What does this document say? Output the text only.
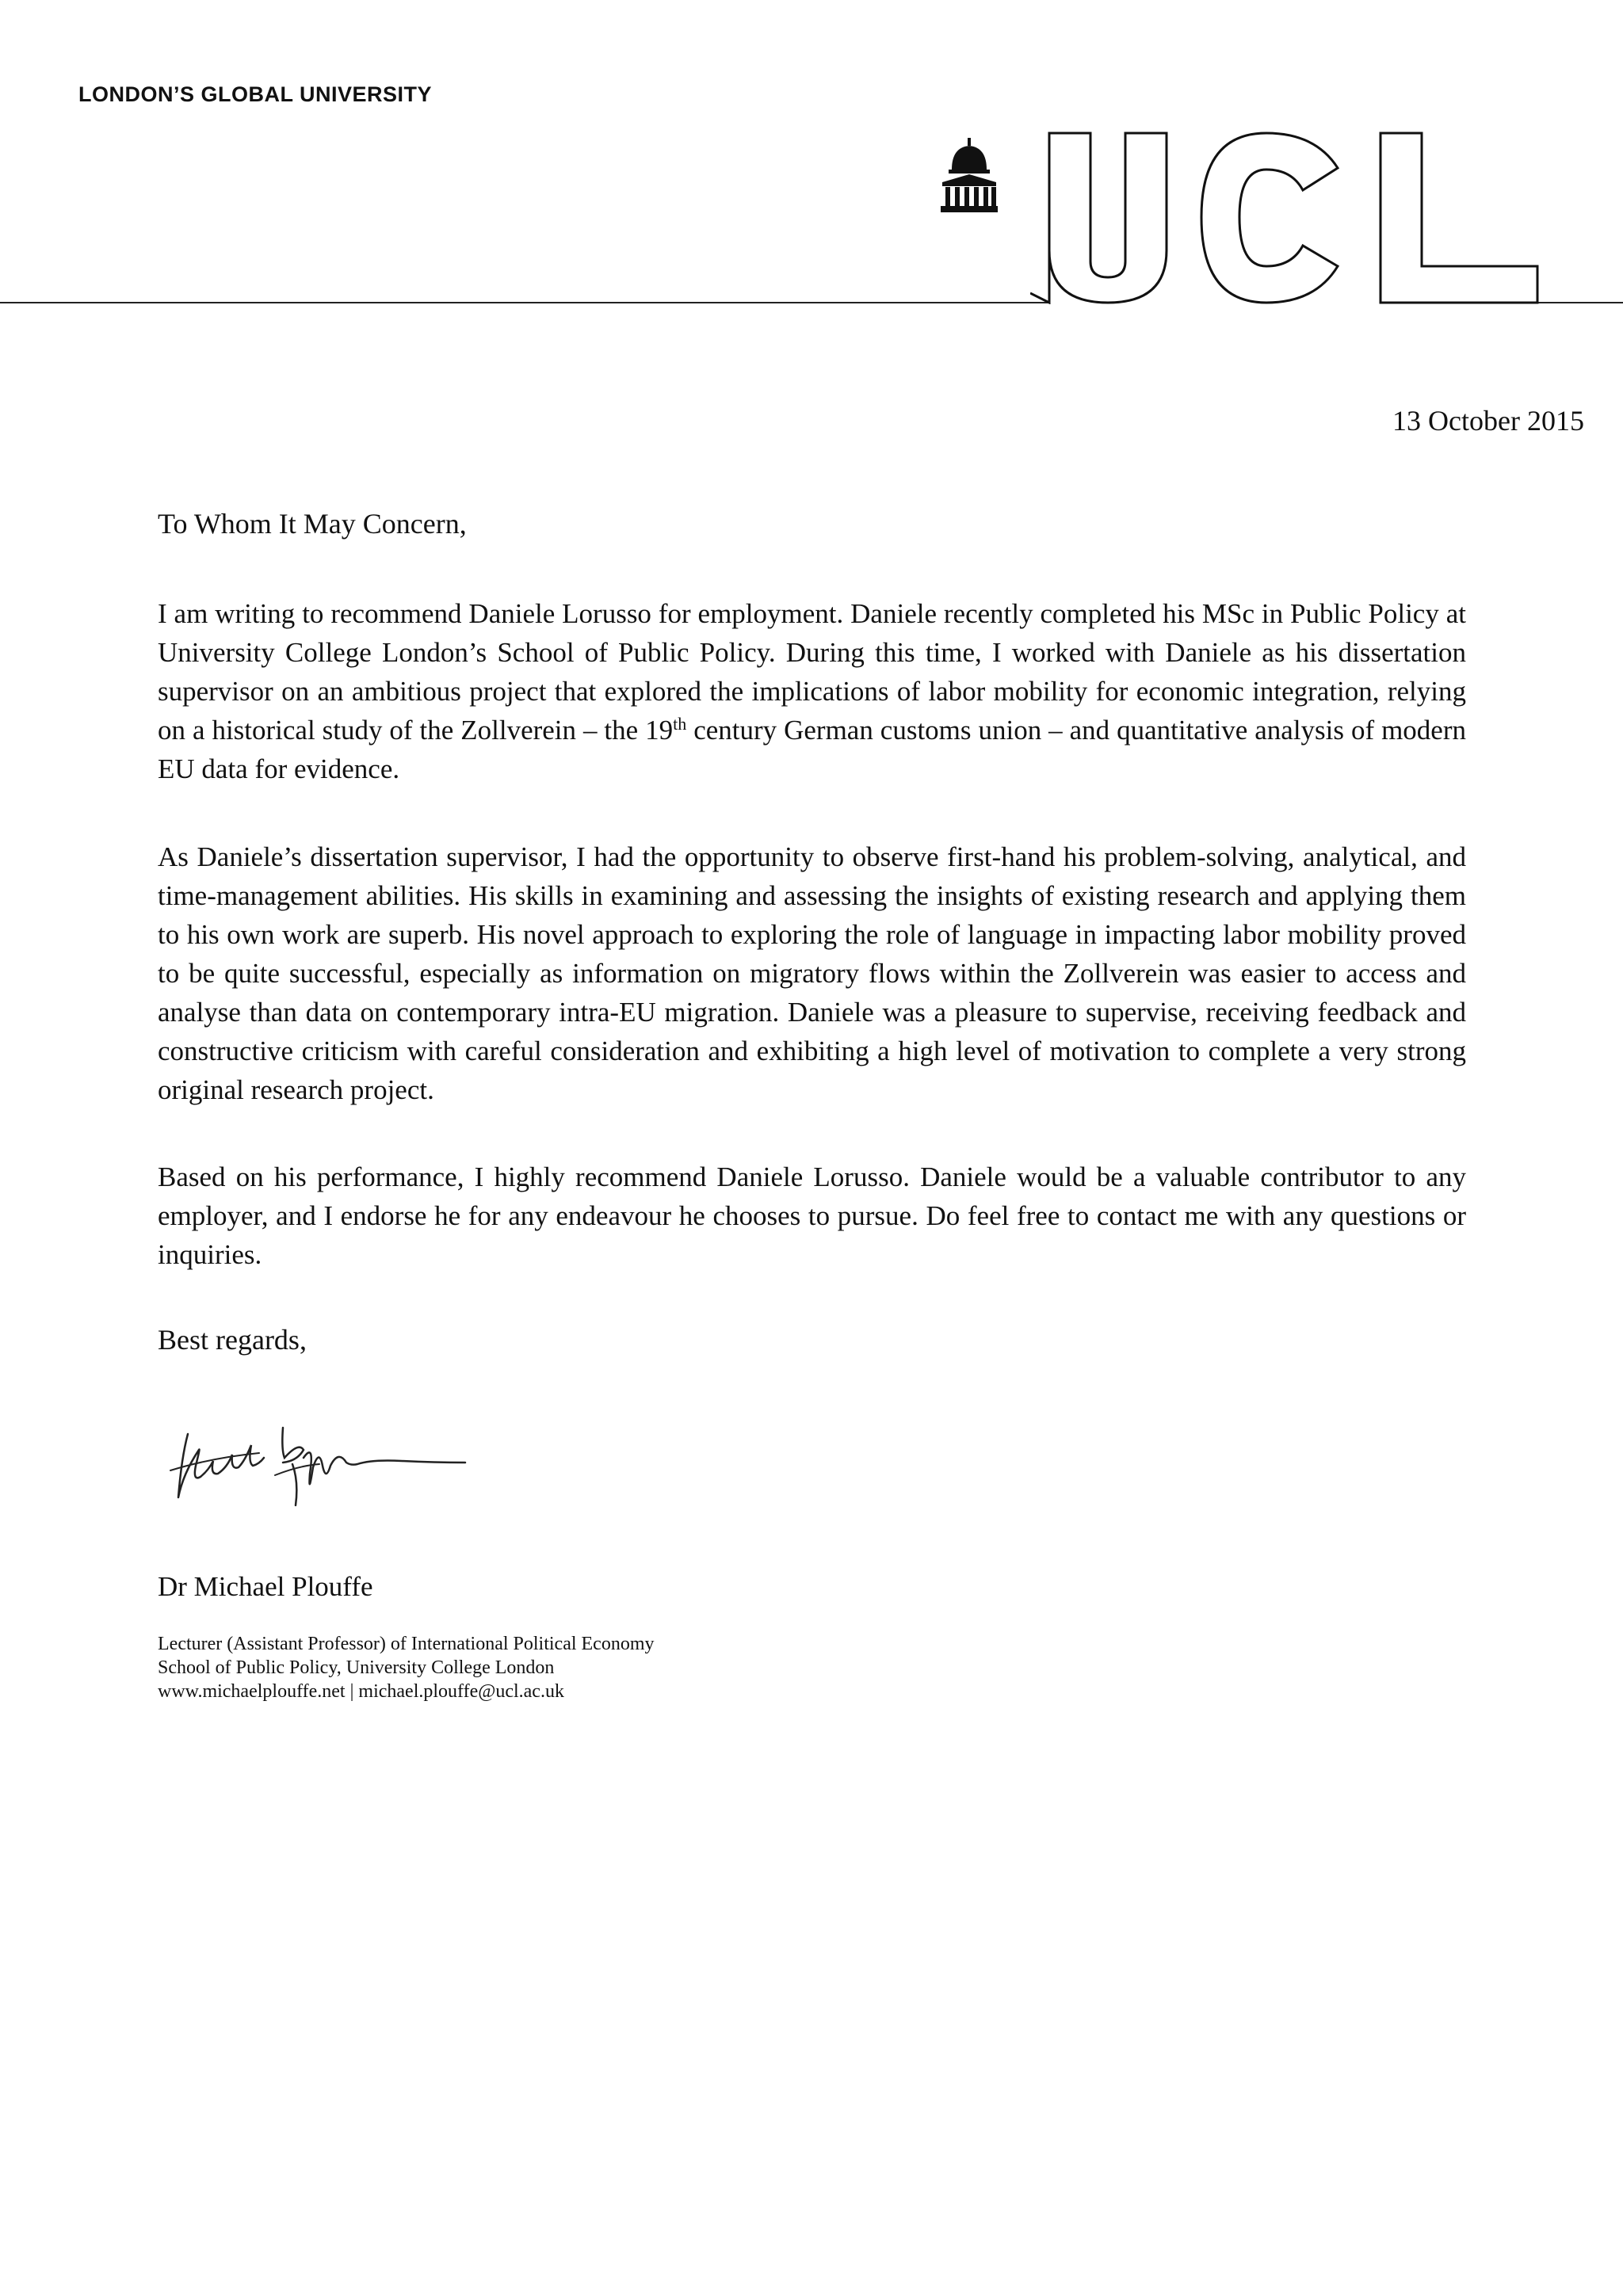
LONDON’S GLOBAL UNIVERSITY
13 October 2015

To Whom It May Concern,

I am writing to recommend Daniele Lorusso for employment. Daniele recently completed his MSc in Public Policy at University College London’s School of Public Policy. During this time, I worked with Daniele as his dissertation supervisor on an ambitious project that explored the implications of labor mobility for economic integration, relying on a historical study of the Zollverein – the 19th century German customs union – and quantitative analysis of modern EU data for evidence.

As Daniele’s dissertation supervisor, I had the opportunity to observe first-hand his problem-solving, analytical, and time-management abilities. His skills in examining and assessing the insights of existing research and applying them to his own work are superb. His novel approach to exploring the role of language in impacting labor mobility proved to be quite successful, especially as information on migratory flows within the Zollverein was easier to access and analyse than data on contemporary intra-EU migration. Daniele was a pleasure to supervise, receiving feedback and constructive criticism with careful consideration and exhibiting a high level of motivation to complete a very strong original research project.

Based on his performance, I highly recommend Daniele Lorusso. Daniele would be a valuable contributor to any employer, and I endorse he for any endeavour he chooses to pursue. Do feel free to contact me with any questions or inquiries.

Best regards,

Dr Michael Plouffe

Lecturer (Assistant Professor) of International Political Economy
School of Public Policy, University College London
www.michaelplouffe.net | michael.plouffe@ucl.ac.uk
